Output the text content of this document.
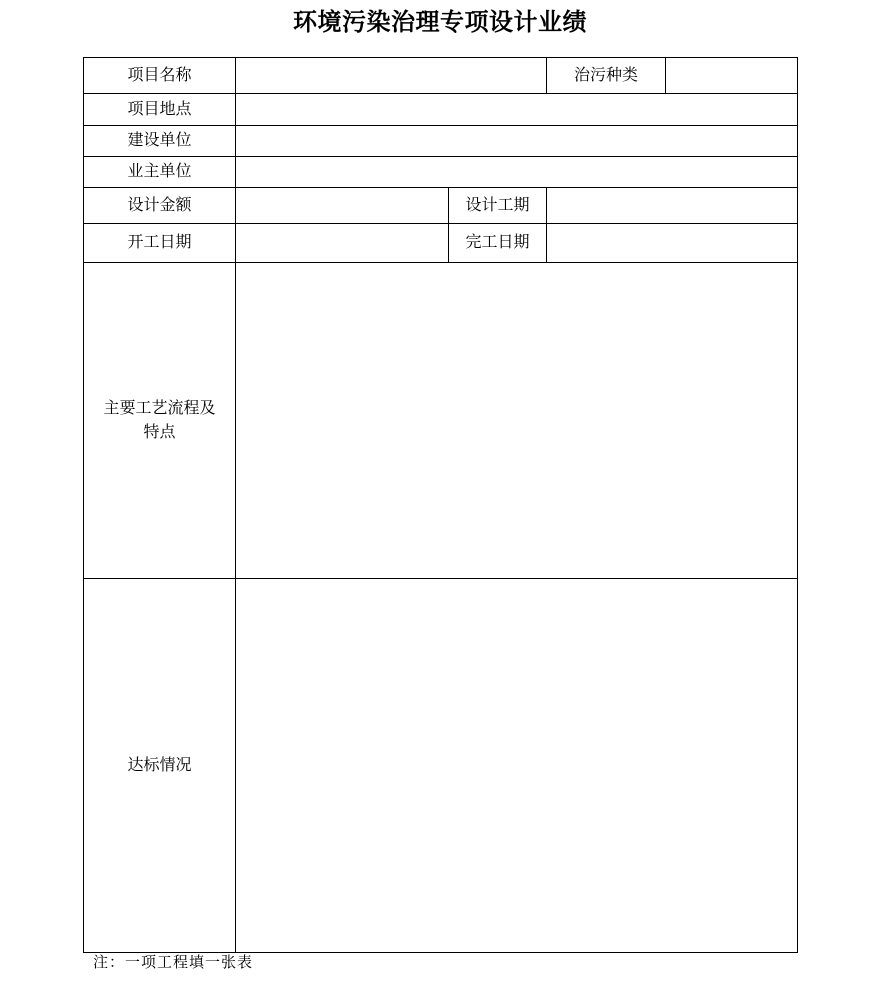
环境污染治理专项设计业绩
项目名称			治污种类	
项目地点				
建设单位				
业主单位				
设计金额		设计工期		
开工日期		完工日期		
主要工艺流程及
特点				
达标情况				
注：一项工程填一张表
